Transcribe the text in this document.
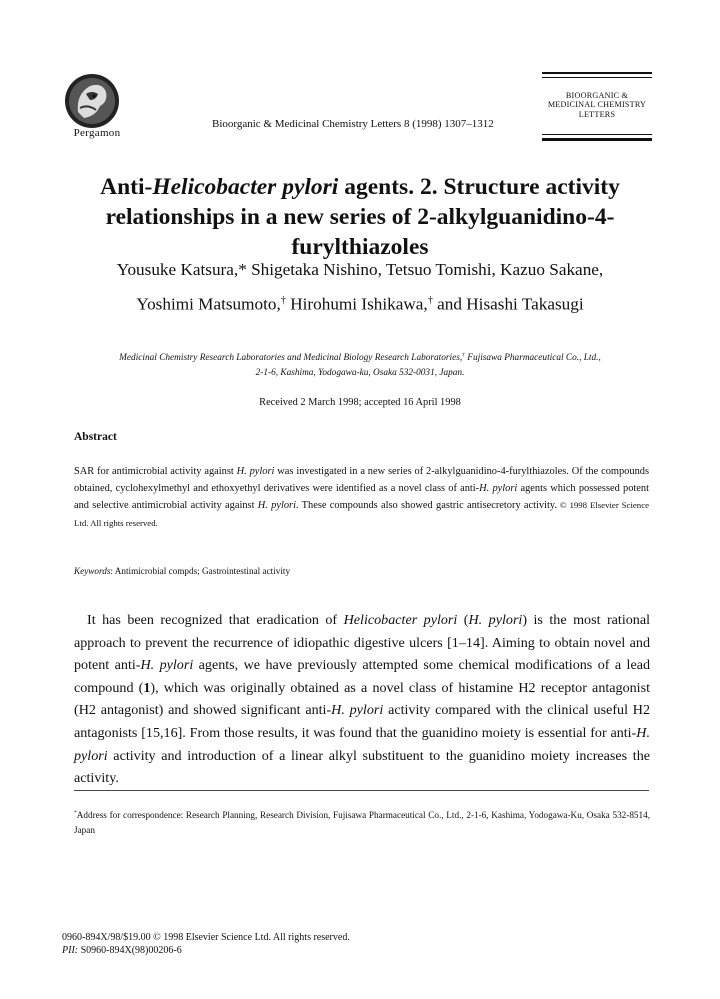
Pergamon
Bioorganic & Medicinal Chemistry Letters 8 (1998) 1307–1312
BIOORGANIC &
MEDICINAL CHEMISTRY
LETTERS
Anti-Helicobacter pylori agents. 2. Structure activity relationships in a new series of 2-alkylguanidino-4-furylthiazoles
Yousuke Katsura,* Shigetaka Nishino, Tetsuo Tomishi, Kazuo Sakane,
Yoshimi Matsumoto,† Hirohumi Ishikawa,† and Hisashi Takasugi
Medicinal Chemistry Research Laboratories and Medicinal Biology Research Laboratories,† Fujisawa Pharmaceutical Co., Ltd.,
2-1-6, Kashima, Yodogawa-ku, Osaka 532-0031, Japan.
Received 2 March 1998; accepted 16 April 1998
Abstract
SAR for antimicrobial activity against H. pylori was investigated in a new series of 2-alkylguanidino-4-furylthiazoles. Of the compounds obtained, cyclohexylmethyl and ethoxyethyl derivatives were identified as a novel class of anti-H. pylori agents which possessed potent and selective antimicrobial activity against H. pylori. These compounds also showed gastric antisecretory activity. © 1998 Elsevier Science Ltd. All rights reserved.
Keywords: Antimicrobial compds; Gastrointestinal activity
It has been recognized that eradication of Helicobacter pylori (H. pylori) is the most rational approach to prevent the recurrence of idiopathic digestive ulcers [1–14]. Aiming to obtain novel and potent anti-H. pylori agents, we have previously attempted some chemical modifications of a lead compound (1), which was originally obtained as a novel class of histamine H2 receptor antagonist (H2 antagonist) and showed significant anti-H. pylori activity compared with the clinical useful H2 antagonists [15,16]. From those results, it was found that the guanidino moiety is essential for anti-H. pylori activity and introduction of a linear alkyl substituent to the guanidino moiety increases the activity.
*Address for correspondence: Research Planning, Research Division, Fujisawa Pharmaceutical Co., Ltd., 2-1-6, Kashima, Yodogawa-Ku, Osaka 532-8514, Japan
0960-894X/98/$19.00 © 1998 Elsevier Science Ltd. All rights reserved.
PII: S0960-894X(98)00206-6
